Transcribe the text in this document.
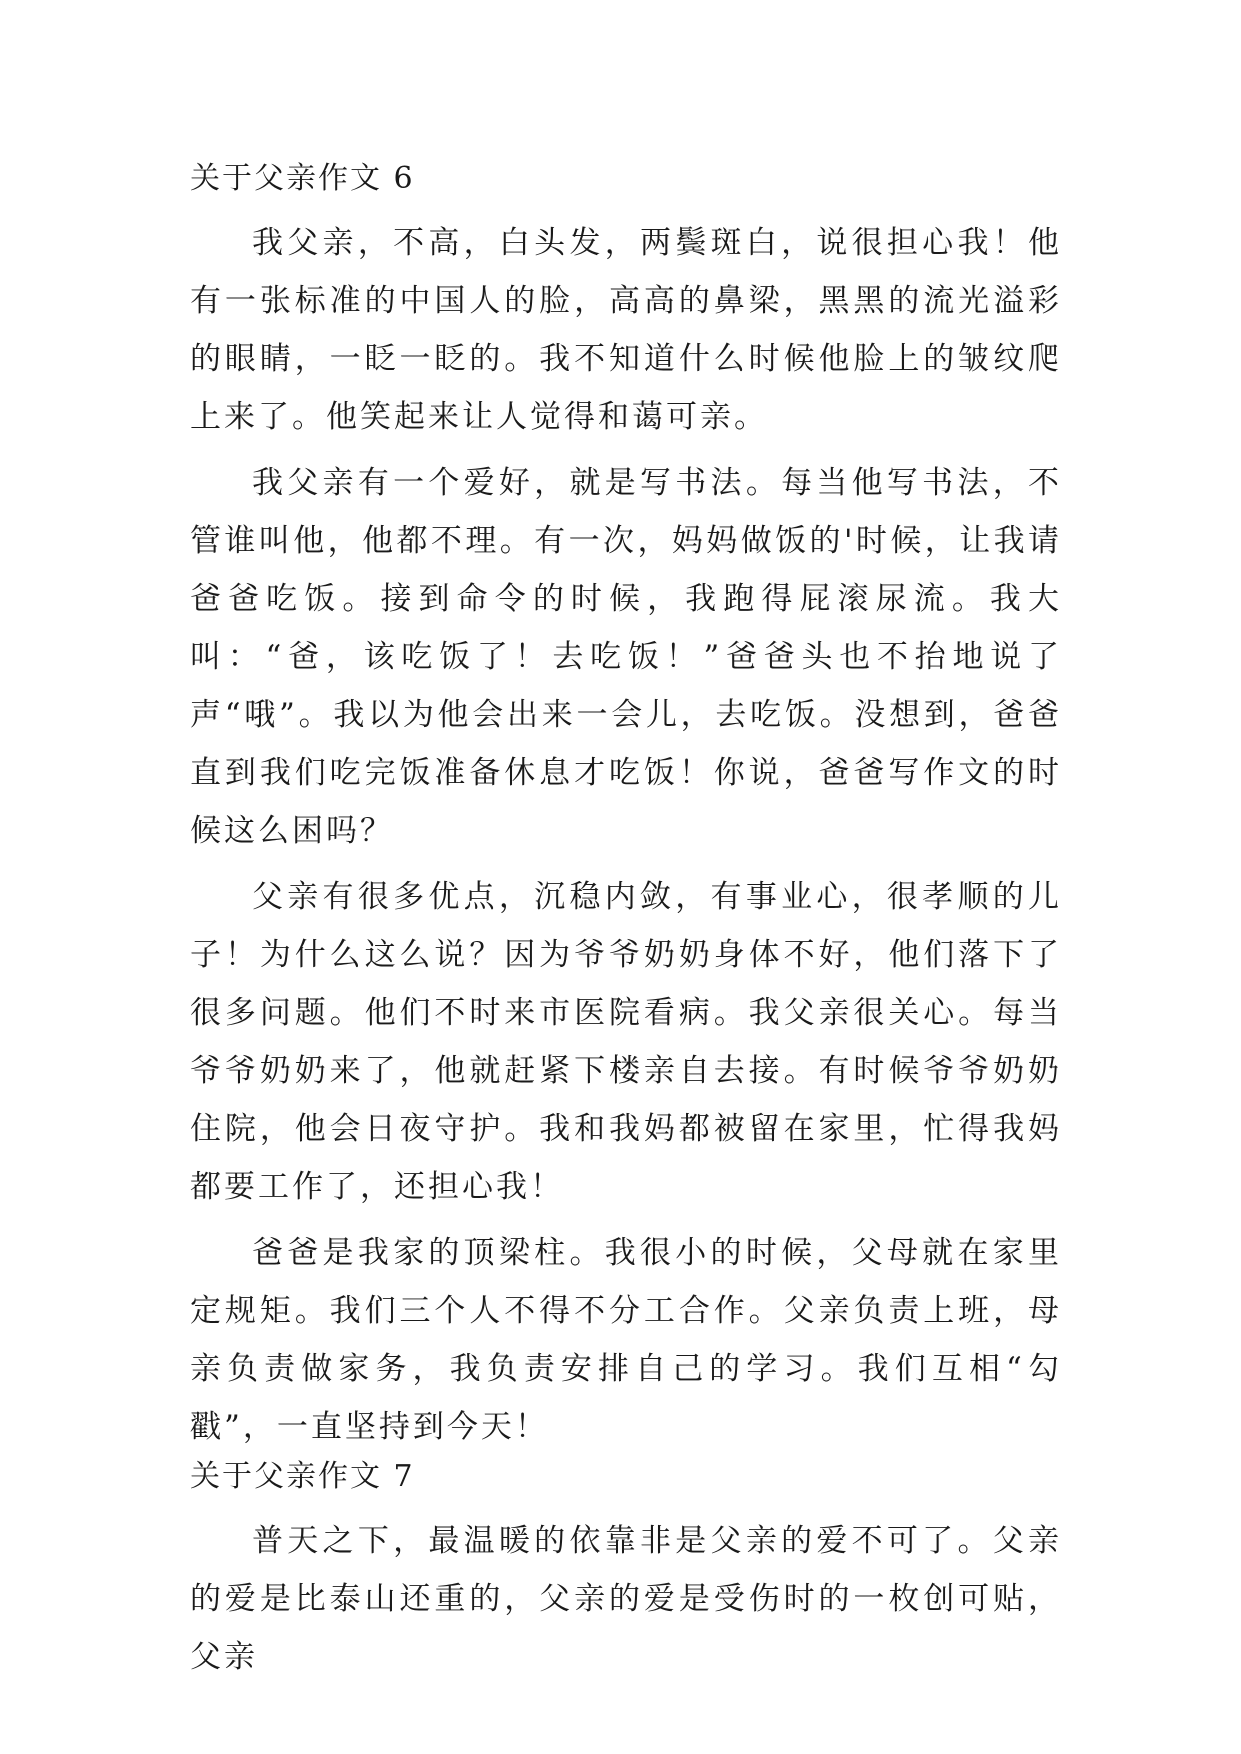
关于父亲作文 6

我父亲，不高，白头发，两鬓斑白，说很担心我！他有一张标准的中国人的脸，高高的鼻梁，黑黑的流光溢彩的眼睛，一眨一眨的。我不知道什么时候他脸上的皱纹爬上来了。他笑起来让人觉得和蔼可亲。

我父亲有一个爱好，就是写书法。每当他写书法，不管谁叫他，他都不理。有一次，妈妈做饭的'时候，让我请爸爸吃饭。接到命令的时候，我跑得屁滚尿流。我大叫：“爸，该吃饭了！去吃饭！”爸爸头也不抬地说了声“哦”。我以为他会出来一会儿，去吃饭。没想到，爸爸直到我们吃完饭准备休息才吃饭！你说，爸爸写作文的时候这么困吗？

父亲有很多优点，沉稳内敛，有事业心，很孝顺的儿子！为什么这么说？因为爷爷奶奶身体不好，他们落下了很多问题。他们不时来市医院看病。我父亲很关心。每当爷爷奶奶来了，他就赶紧下楼亲自去接。有时候爷爷奶奶住院，他会日夜守护。我和我妈都被留在家里，忙得我妈都要工作了，还担心我！

爸爸是我家的顶梁柱。我很小的时候，父母就在家里定规矩。我们三个人不得不分工合作。父亲负责上班，母亲负责做家务，我负责安排自己的学习。我们互相“勾戳”，一直坚持到今天！

关于父亲作文 7

普天之下，最温暖的依靠非是父亲的爱不可了。父亲的爱是比泰山还重的，父亲的爱是受伤时的一枚创可贴，父亲
